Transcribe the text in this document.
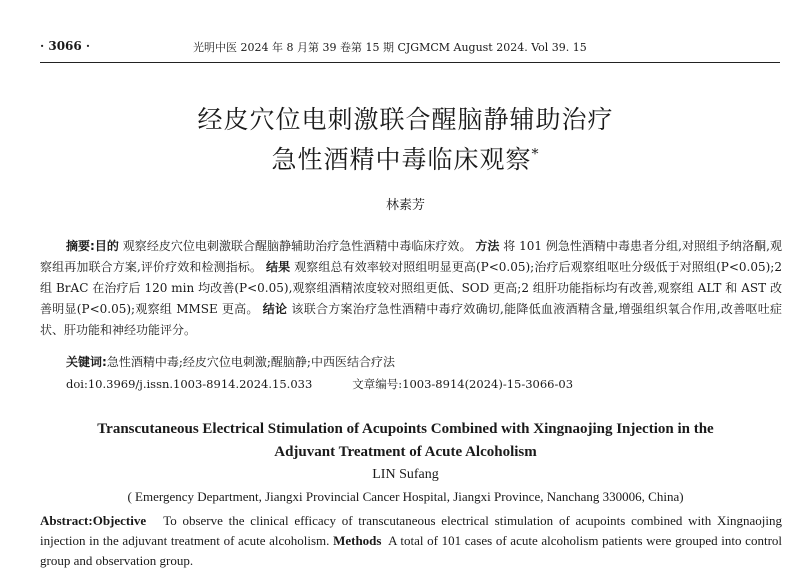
· 3066 ·	光明中医 2024 年 8 月第 39 卷第 15 期 CJGMCM August 2024. Vol 39. 15
经皮穴位电刺激联合醒脑静辅助治疗
急性酒精中毒临床观察*
林素芳

摘要:目的 观察经皮穴位电刺激联合醒脑静辅助治疗急性酒精中毒临床疗效。 方法 将 101 例急性酒精中毒患者分组,对照组予纳洛酮,观察组再加联合方案,评价疗效和检测指标。 结果 观察组总有效率较对照组明显更高(P<0.05);治疗后观察组呕吐分级低于对照组(P<0.05);2 组 BrAC 在治疗后 120 min 均改善(P<0.05),观察组酒精浓度较对照组更低、SOD 更高;2 组肝功能指标均有改善,观察组 ALT 和 AST 改善明显(P<0.05);观察组 MMSE 更高。 结论 该联合方案治疗急性酒精中毒疗效确切,能降低血液酒精含量,增强组织氧合作用,改善呕吐症状、肝功能和神经功能评分。

关键词:急性酒精中毒;经皮穴位电刺激;醒脑静;中西医结合疗法
doi:10.3969/j.issn.1003-8914.2024.15.033	文章编号:1003-8914(2024)-15-3066-03
Transcutaneous Electrical Stimulation of Acupoints Combined with Xingnaojing Injection in the
Adjuvant Treatment of Acute Alcoholism
LIN Sufang
( Emergency Department, Jiangxi Provincial Cancer Hospital, Jiangxi Province, Nanchang 330006, China)

Abstract:Objective To observe the clinical efficacy of transcutaneous electrical stimulation of acupoints combined with Xingnaojing injection in the adjuvant treatment of acute alcoholism. Methods A total of 101 cases of acute alcoholism patients were grouped into control group and observation group.
